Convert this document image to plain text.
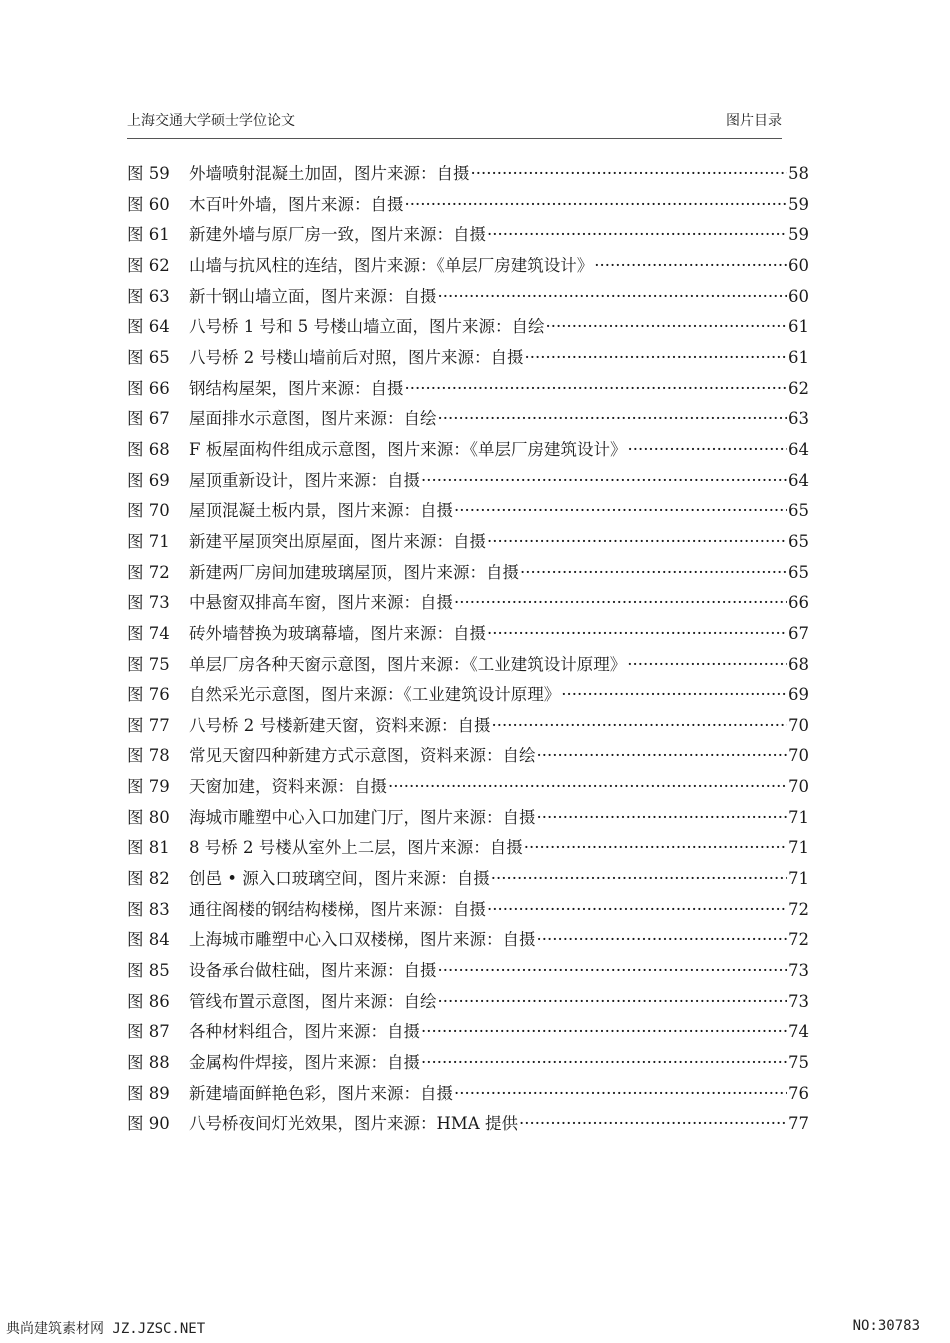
上海交通大学硕士学位论文	图片目录
图 59	外墙喷射混凝土加固，图片来源：自摄 ·····	58
图 60	木百叶外墙，图片来源：自摄 ·····	59
图 61	新建外墙与原厂房一致，图片来源：自摄 ·····	59
图 62	山墙与抗风柱的连结，图片来源：《单层厂房建筑设计》 ·····	60
图 63	新十钢山墙立面，图片来源：自摄 ·····	60
图 64	八号桥 1 号和 5 号楼山墙立面，图片来源：自绘 ·····	61
图 65	八号桥 2 号楼山墙前后对照，图片来源：自摄 ·····	61
图 66	钢结构屋架，图片来源：自摄 ·····	62
图 67	屋面排水示意图，图片来源：自绘 ·····	63
图 68	F 板屋面构件组成示意图，图片来源：《单层厂房建筑设计》 ·····	64
图 69	屋顶重新设计，图片来源：自摄 ·····	64
图 70	屋顶混凝土板内景，图片来源：自摄 ·····	65
图 71	新建平屋顶突出原屋面，图片来源：自摄 ·····	65
图 72	新建两厂房间加建玻璃屋顶，图片来源：自摄 ·····	65
图 73	中悬窗双排高车窗，图片来源：自摄 ·····	66
图 74	砖外墙替换为玻璃幕墙，图片来源：自摄 ·····	67
图 75	单层厂房各种天窗示意图，图片来源：《工业建筑设计原理》 ·····	68
图 76	自然采光示意图，图片来源：《工业建筑设计原理》 ·····	69
图 77	八号桥 2 号楼新建天窗，资料来源：自摄 ·····	70
图 78	常见天窗四种新建方式示意图，资料来源：自绘 ·····	70
图 79	天窗加建，资料来源：自摄 ·····	70
图 80	海城市雕塑中心入口加建门厅，图片来源：自摄 ·····	71
图 81	8 号桥 2 号楼从室外上二层，图片来源：自摄 ·····	71
图 82	创邑 • 源入口玻璃空间，图片来源：自摄 ·····	71
图 83	通往阁楼的钢结构楼梯，图片来源：自摄 ·····	72
图 84	上海城市雕塑中心入口双楼梯，图片来源：自摄 ·····	72
图 85	设备承台做柱础，图片来源：自摄 ·····	73
图 86	管线布置示意图，图片来源：自绘 ·····	73
图 87	各种材料组合，图片来源：自摄 ·····	74
图 88	金属构件焊接，图片来源：自摄 ·····	75
图 89	新建墙面鲜艳色彩，图片来源：自摄 ·····	76
图 90	八号桥夜间灯光效果，图片来源：HMA 提供 ·····	77
典尚建筑素材网 JZ.JZSC.NET	NO:30783
